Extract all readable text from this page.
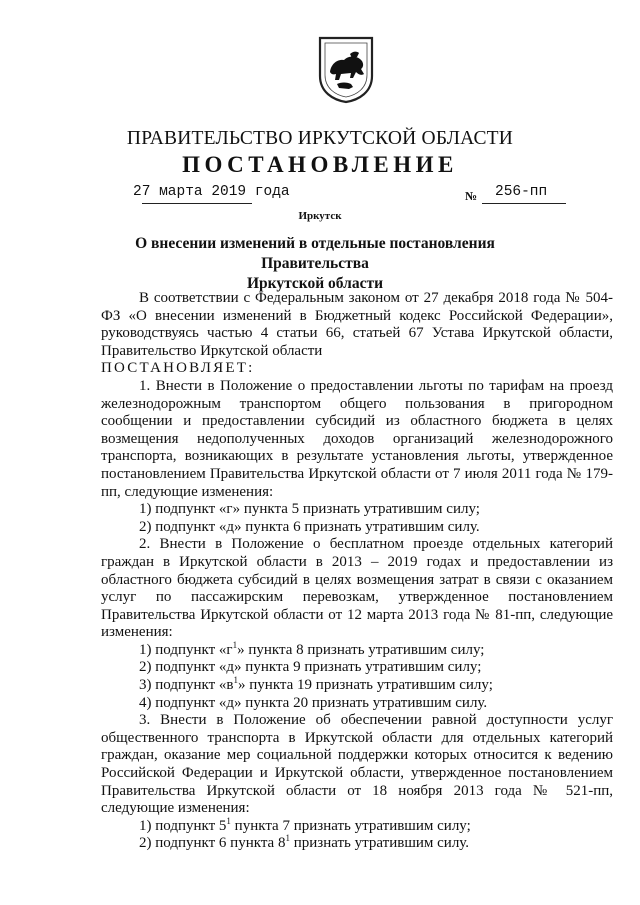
ПРАВИТЕЛЬСТВО ИРКУТСКОЙ ОБЛАСТИ
ПОСТАНОВЛЕНИЕ
27 марта 2019 года	№ 256-пп
Иркутск
О внесении изменений в отдельные постановления Правительства
Иркутской области

В соответствии с Федеральным законом от 27 декабря 2018 года № 504-ФЗ «О внесении изменений в Бюджетный кодекс Российской Федерации», руководствуясь частью 4 статьи 66, статьей 67 Устава Иркутской области, Правительство Иркутской области

ПОСТАНОВЛЯЕТ:

1. Внести в Положение о предоставлении льготы по тарифам на проезд железнодорожным транспортом общего пользования в пригородном сообщении и предоставлении субсидий из областного бюджета в целях возмещения недополученных доходов организаций железнодорожного транспорта, возникающих в результате установления льготы, утвержденное постановлением Правительства Иркутской области от 7 июля 2011 года № 179-пп, следующие изменения:

1) подпункт «г» пункта 5 признать утратившим силу;

2) подпункт «д» пункта 6 признать утратившим силу.

2. Внести в Положение о бесплатном проезде отдельных категорий граждан в Иркутской области в 2013 – 2019 годах и предоставлении из областного бюджета субсидий в целях возмещения затрат в связи с оказанием услуг по пассажирским перевозкам, утвержденное постановлением Правительства Иркутской области от 12 марта 2013 года № 81-пп, следующие изменения:

1) подпункт «$г^1$» пункта 8 признать утратившим силу;

2) подпункт «д» пункта 9 признать утратившим силу;

3) подпункт «$в^1$» пункта 19 признать утратившим силу;

4) подпункт «д» пункта 20 признать утратившим силу.

3. Внести в Положение об обеспечении равной доступности услуг общественного транспорта в Иркутской области для отдельных категорий граждан, оказание мер социальной поддержки которых относится к ведению Российской Федерации и Иркутской области, утвержденное постановлением Правительства Иркутской области от 18 ноября 2013 года № 521-пп, следующие изменения:

1) подпункт $5^1$ пункта 7 признать утратившим силу;

2) подпункт 6 пункта $8^1$ признать утратившим силу.
